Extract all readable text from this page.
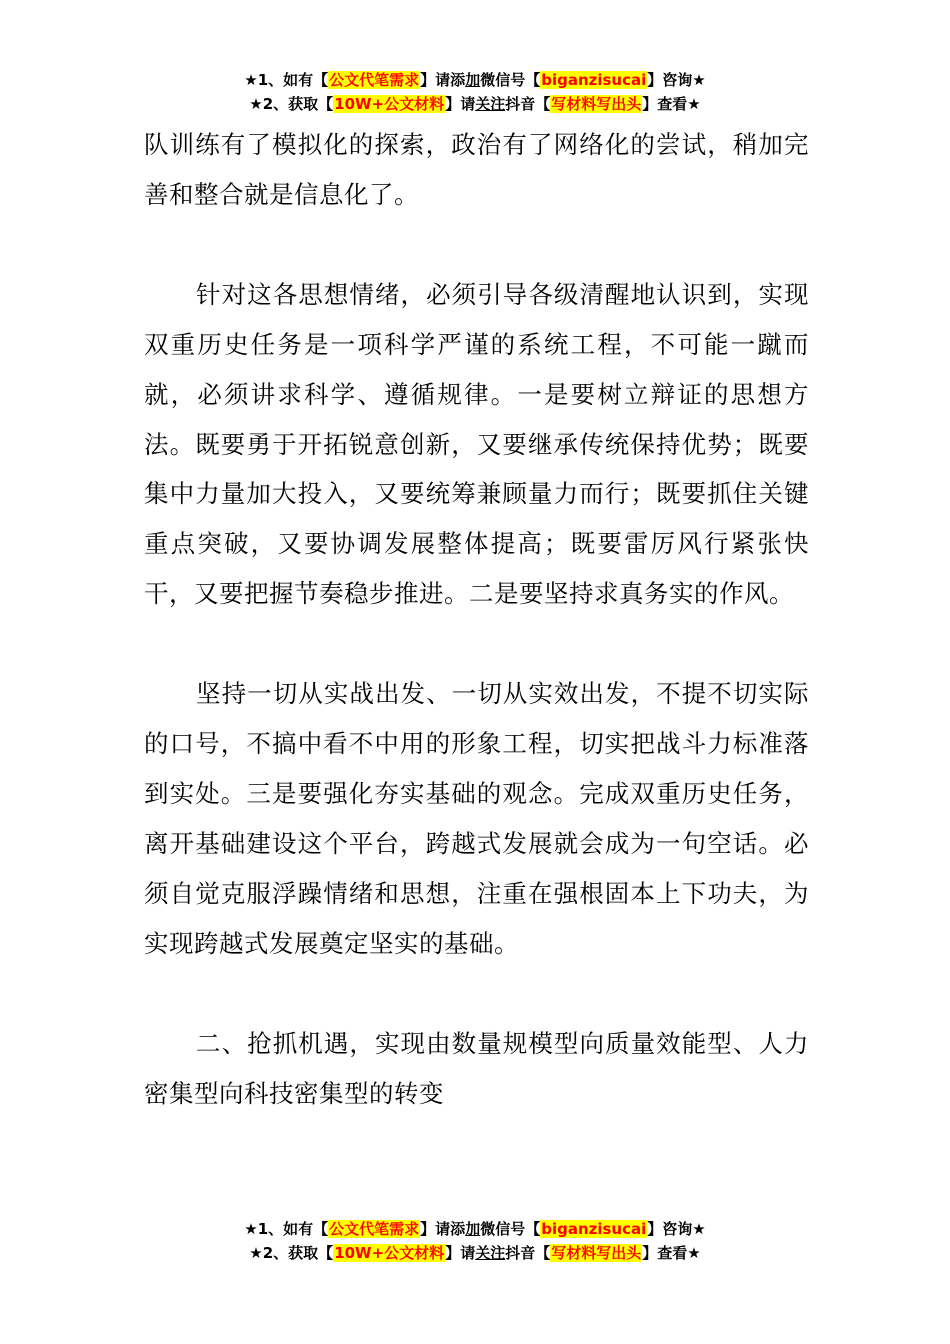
★1、如有【公文代笔需求】请添加微信号【biganzisucai】咨询★
★2、获取【10W+公文材料】请关注抖音【写材料写出头】查看★

队训练有了模拟化的探索，政治有了网络化的尝试，稍加完善和整合就是信息化了。

针对这各思想情绪，必须引导各级清醒地认识到，实现双重历史任务是一项科学严谨的系统工程，不可能一蹴而就，必须讲求科学、遵循规律。一是要树立辩证的思想方法。既要勇于开拓锐意创新，又要继承传统保持优势；既要集中力量加大投入，又要统筹兼顾量力而行；既要抓住关键重点突破，又要协调发展整体提高；既要雷厉风行紧张快干，又要把握节奏稳步推进。二是要坚持求真务实的作风。

坚持一切从实战出发、一切从实效出发，不提不切实际的口号，不搞中看不中用的形象工程，切实把战斗力标准落到实处。三是要强化夯实基础的观念。完成双重历史任务，离开基础建设这个平台，跨越式发展就会成为一句空话。必须自觉克服浮躁情绪和思想，注重在强根固本上下功夫，为实现跨越式发展奠定坚实的基础。

二、抢抓机遇，实现由数量规模型向质量效能型、人力密集型向科技密集型的转变

★1、如有【公文代笔需求】请添加微信号【biganzisucai】咨询★
★2、获取【10W+公文材料】请关注抖音【写材料写出头】查看★
